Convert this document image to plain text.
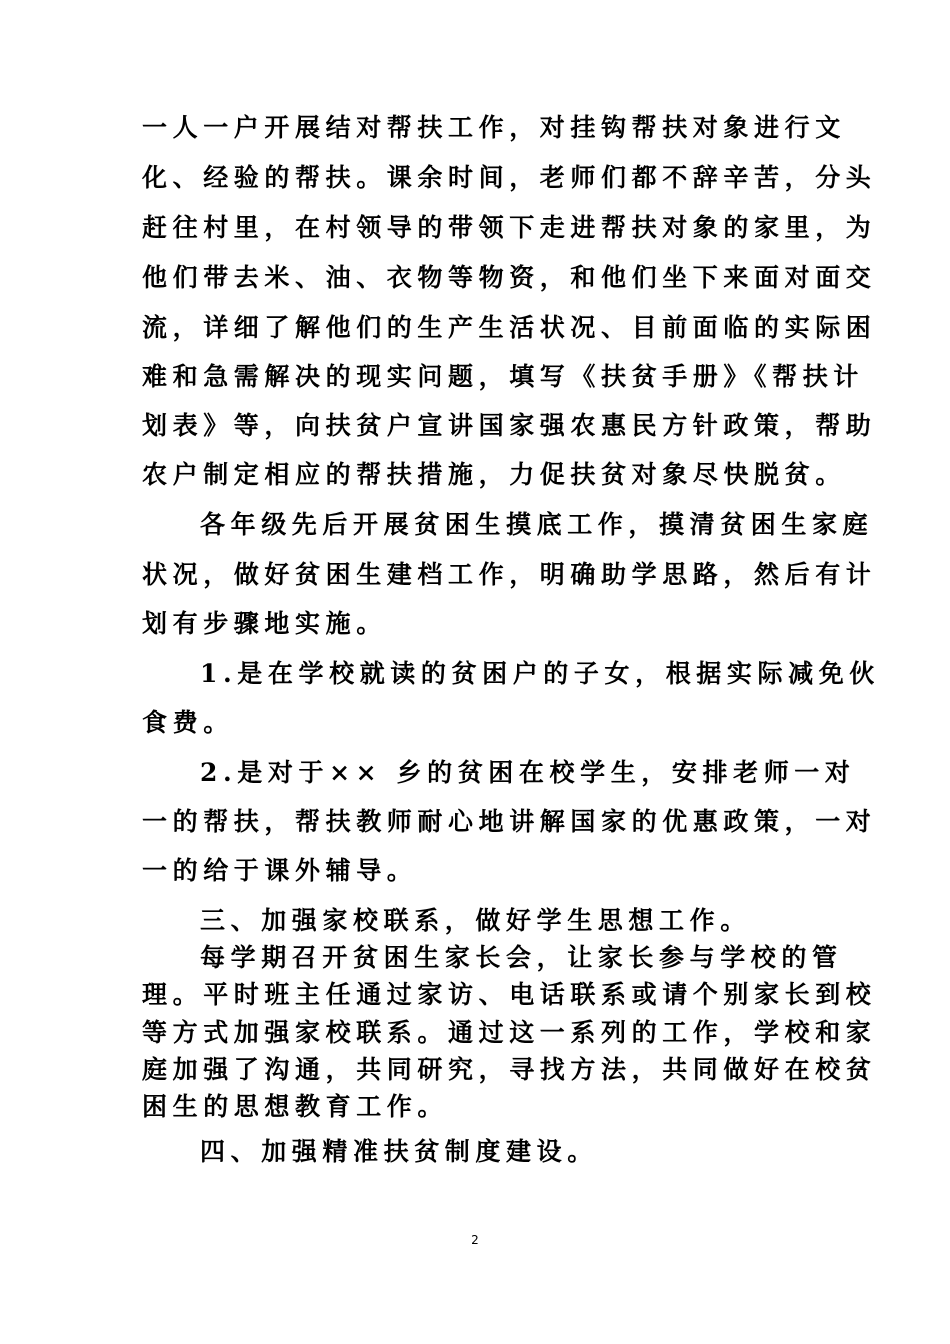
一人一户开展结对帮扶工作，对挂钩帮扶对象进行文
化、经验的帮扶。课余时间，老师们都不辞辛苦，分头
赶往村里，在村领导的带领下走进帮扶对象的家里，为
他们带去米、油、衣物等物资，和他们坐下来面对面交
流，详细了解他们的生产生活状况、目前面临的实际困
难和急需解决的现实问题，填写《扶贫手册》《帮扶计
划表》等，向扶贫户宣讲国家强农惠民方针政策，帮助
农户制定相应的帮扶措施，力促扶贫对象尽快脱贫。
各年级先后开展贫困生摸底工作，摸清贫困生家庭
状况，做好贫困生建档工作，明确助学思路，然后有计
划有步骤地实施。
1.是在学校就读的贫困户的子女，根据实际减免伙
食费。
2.是对于×× 乡的贫困在校学生，安排老师一对
一的帮扶，帮扶教师耐心地讲解国家的优惠政策，一对
一的给于课外辅导。
三、加强家校联系，做好学生思想工作。
每学期召开贫困生家长会，让家长参与学校的管
理。平时班主任通过家访、电话联系或请个别家长到校
等方式加强家校联系。通过这一系列的工作，学校和家
庭加强了沟通，共同研究，寻找方法，共同做好在校贫
困生的思想教育工作。
四、加强精准扶贫制度建设。
2
